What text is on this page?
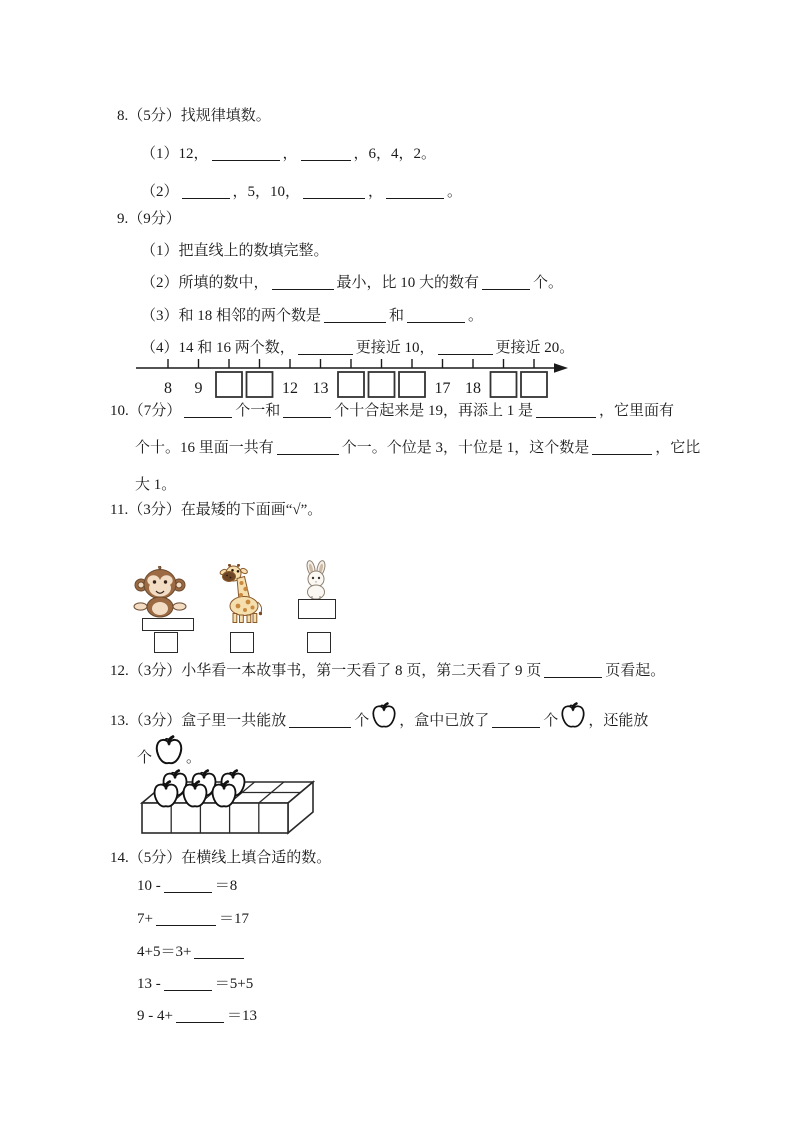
8.（5分）找规律填数。
（1）12，	，	，6，4，2。
（2）	，5，10，	，	。
9.（9分）
（1）把直线上的数填完整。
（2）所填的数中，	最小，比 10 大的数有	个。
（3）和 18 相邻的两个数是	和	。
（4）14 和 16 两个数，	更接近 10，	更接近 20。
8 9	12 13	17 18
10.（7分）	个一和	个十合起来是 19，再添上 1 是	，它里面有
个十。16 里面一共有	个一。个位是 3，十位是 1，这个数是	，它比
大 1。
11.（3分）在最矮的下面画“√”。
12.（3分）小华看一本故事书，第一天看了 8 页，第二天看了 9 页	页看起。
13.（3分）盒子里一共能放	个 ，盒中已放了	个 ，还能放
个 。
14.（5分）在横线上填合适的数。
10 -	＝8
7+	＝17
4+5＝3+
13 -	＝5+5
9 - 4+	＝13
